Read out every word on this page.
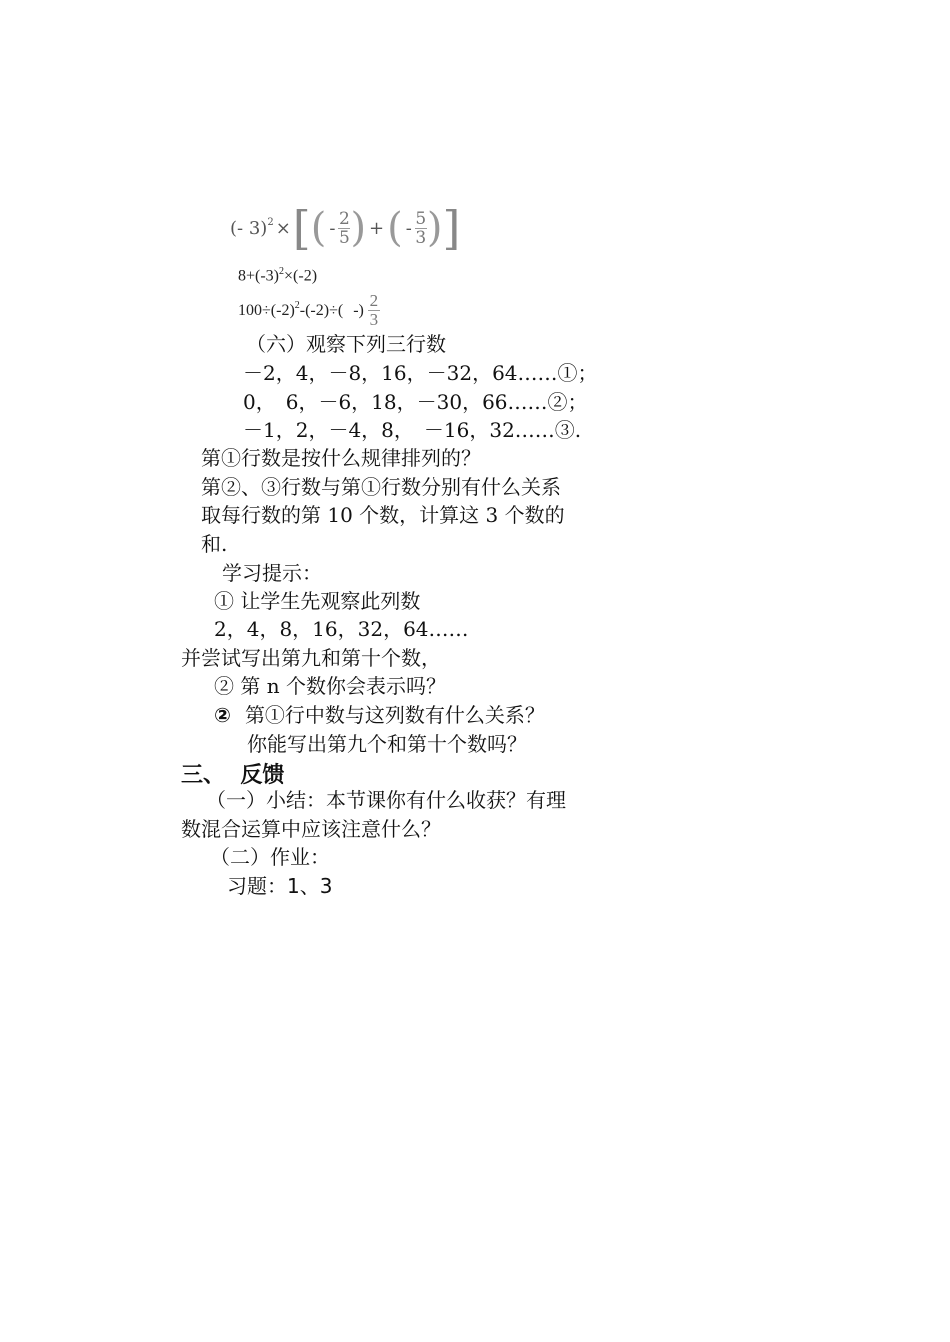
(- 3)$^2$ × [ ( - $\frac{2}{5}$ ) + ( - $\frac{5}{3}$ ) ]
$8+(-3)^2\times(-2)$
$100\div(-2)^2$ -(-2)÷( -) $\frac{2}{3}$
（六）观察下列三行数
－2，4，－8，16，－32，64……①；
0，　6，－6，18，－30，66……②；
－1，2，－4，8，　－16，32……③.
第①行数是按什么规律排列的？
第②、③行数与第①行数分别有什么关系
取每行数的第 10 个数，计算这 3 个数的
和.
学习提示：
① 让学生先观察此列数
2，4，8，16，32，64……
并尝试写出第九和第十个数，
② 第 n 个数你会表示吗？
② 第①行中数与这列数有什么关系？
你能写出第九个和第十个数吗？
三、  反馈
（一）小结：本节课你有什么收获？有理
数混合运算中应该注意什么？
（二）作业：
习题：1、3
